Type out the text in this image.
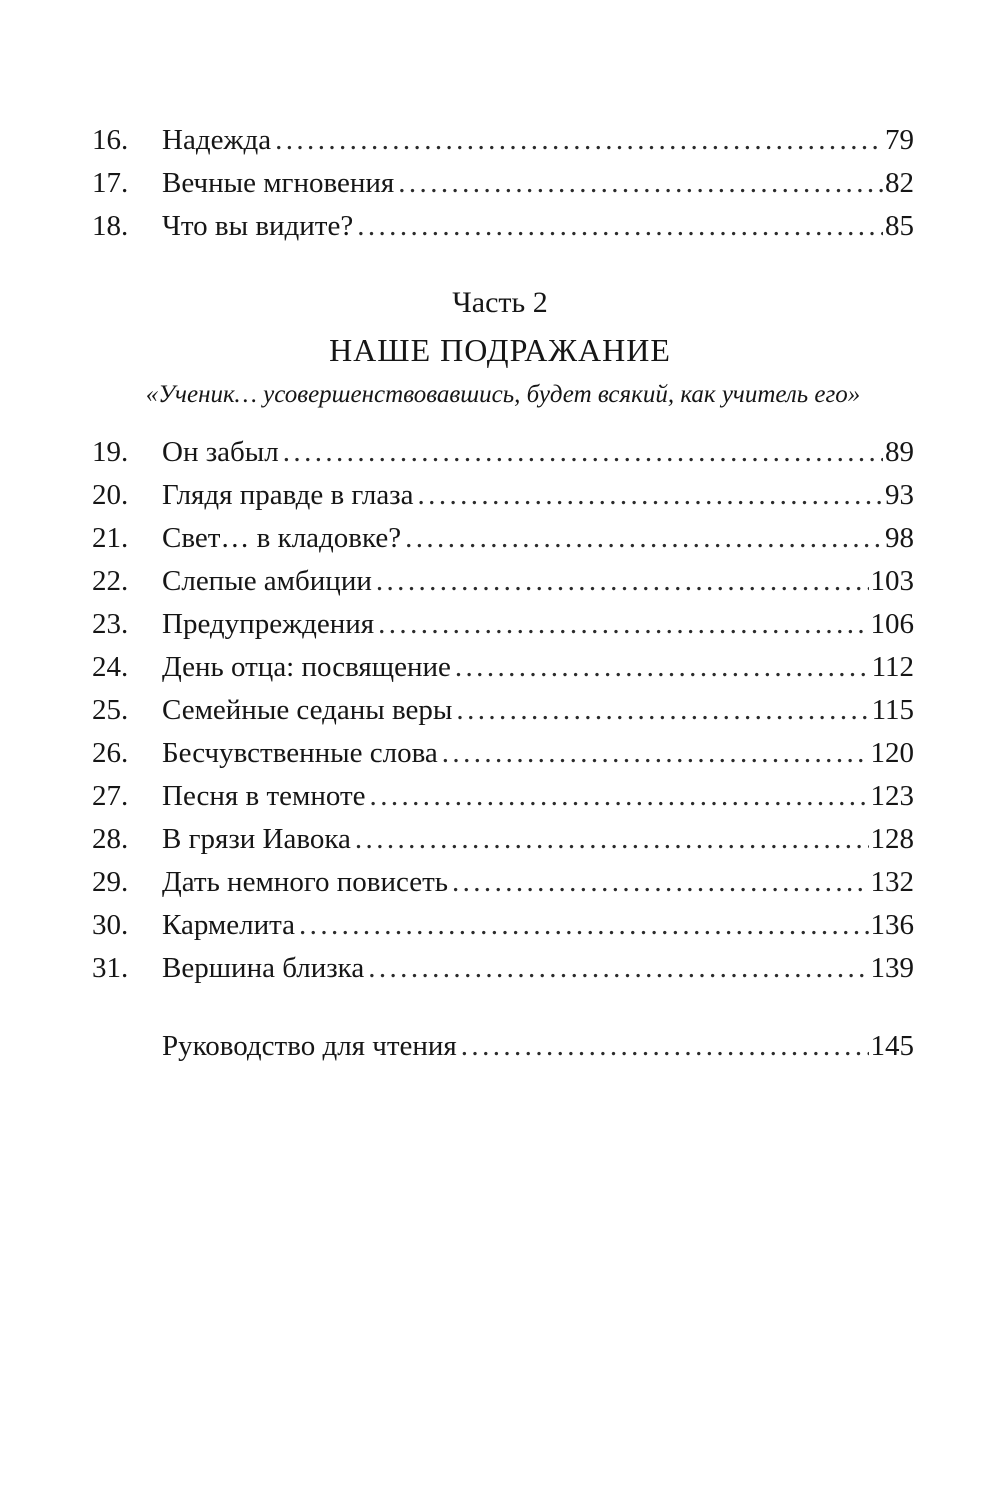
16.	Надежда .....	79
17.	Вечные мгновения .....	82
18.	Что вы видите? .....	85
Часть 2
НАШЕ ПОДРАЖАНИЕ
«Ученик… усовершенствовавшись, будет всякий, как учитель его»
19.	Он забыл .....	89
20.	Глядя правде в глаза .....	93
21.	Свет… в кладовке? .....	98
22.	Слепые амбиции .....	103
23.	Предупреждения .....	106
24.	День отца: посвящение .....	112
25.	Семейные седаны веры .....	115
26.	Бесчувственные слова .....	120
27.	Песня в темноте .....	123
28.	В грязи Иавока .....	128
29.	Дать немного повисеть .....	132
30.	Кармелита .....	136
31.	Вершина близка .....	139
Руководство для чтения .....	145
